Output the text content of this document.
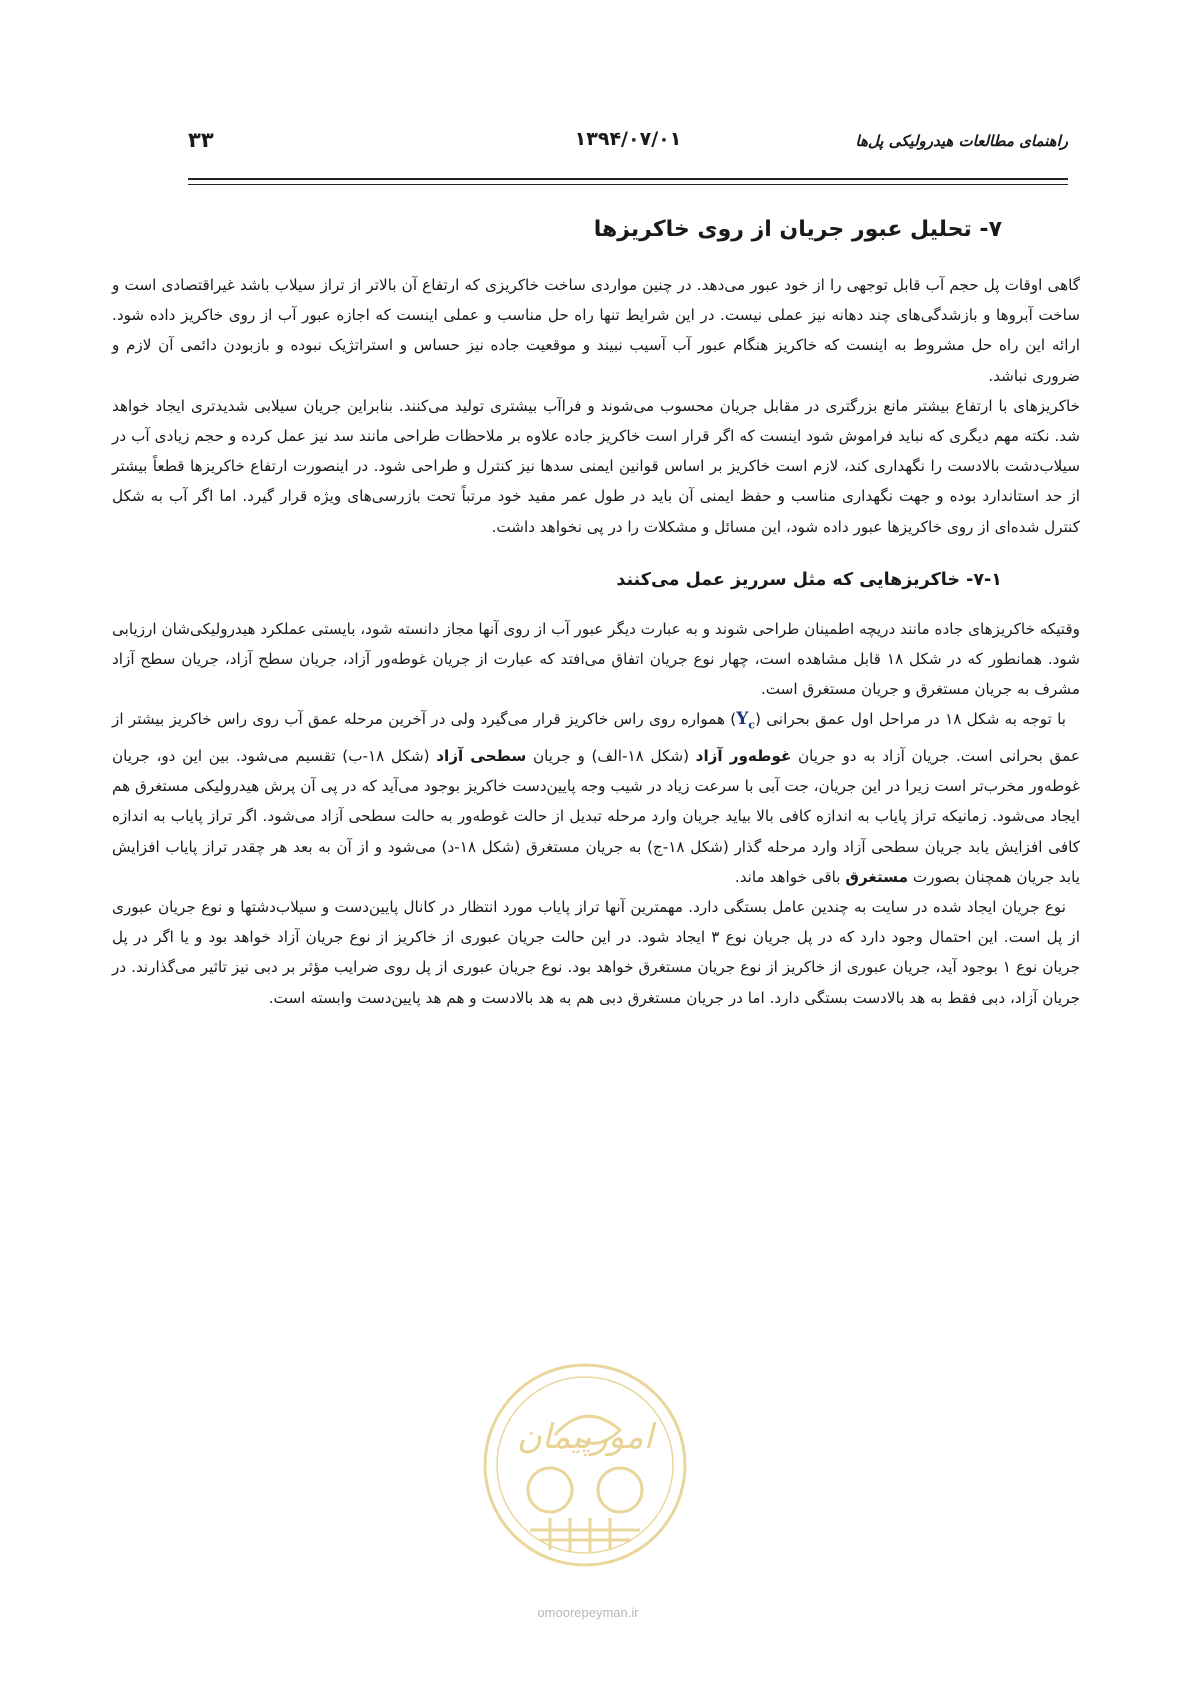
راهنمای مطالعات هیدرولیکی پل‌ها
۱۳۹۴/۰۷/۰۱
۳۳
۷- تحلیل عبور جریان از روی خاکریزها

گاهی اوقات پل حجم آب قابل توجهی را از خود عبور می‌دهد. در چنین مواردی ساخت خاکریزی که ارتفاع آن بالاتر از تراز سیلاب باشد غیراقتصادی است و ساخت آبروها و بازشدگی‌های چند دهانه نیز عملی نیست. در این شرایط تنها راه حل مناسب و عملی اینست که اجازه عبور آب از روی خاکریز داده شود. ارائه این راه حل مشروط به اینست که خاکریز هنگام عبور آب آسیب نبیند و موقعیت جاده نیز حساس و استراتژیک نبوده و بازبودن دائمی آن لازم و ضروری نباشد.

خاکریزهای با ارتفاع بیشتر مانع بزرگتری در مقابل جریان محسوب می‌شوند و فراآب بیشتری تولید می‌کنند. بنابراین جریان سیلابی شدیدتری ایجاد خواهد شد. نکته مهم دیگری که نباید فراموش شود اینست که اگر قرار است خاکریز جاده علاوه بر ملاحظات طراحی مانند سد نیز عمل کرده و حجم زیادی آب در سیلاب‌دشت بالادست را نگهداری کند، لازم است خاکریز بر اساس قوانین ایمنی سدها نیز کنترل و طراحی شود. در اینصورت ارتفاع خاکریزها قطعاً بیشتر از حد استاندارد بوده و جهت نگهداری مناسب و حفظ ایمنی آن باید در طول عمر مفید خود مرتباً تحت بازرسی‌های ویژه قرار گیرد. اما اگر آب به شکل کنترل شده‌ای از روی خاکریزها عبور داده شود، این مسائل و مشکلات را در پی نخواهد داشت.

۷-۱- خاکریزهایی که مثل سرریز عمل می‌کنند

وقتیکه خاکریزهای جاده مانند دریچه اطمینان طراحی شوند و به عبارت دیگر عبور آب از روی آنها مجاز دانسته شود، بایستی عملکرد هیدرولیکی‌شان ارزیابی شود. همانطور که در شکل ۱۸ قابل مشاهده است، چهار نوع جریان اتفاق می‌افتد که عبارت از جریان غوطه‌ور آزاد، جریان سطح آزاد، جریان سطح آزاد مشرف به جریان مستغرق و جریان مستغرق است.

با توجه به شکل ۱۸ در مراحل اول عمق بحرانی $(Y_c)$ همواره روی راس خاکریز قرار می‌گیرد ولی در آخرین مرحله عمق آب روی راس خاکریز بیشتر از عمق بحرانی است. جریان آزاد به دو جریان غوطه‌ور آزاد (شکل ۱۸-الف) و جریان سطحی آزاد (شکل ۱۸-ب) تقسیم می‌شود. بین این دو، جریان غوطه‌ور مخرب‌تر است زیرا در این جریان، جت آبی با سرعت زیاد در شیب وجه پایین‌دست خاکریز بوجود می‌آید که در پی آن پرش هیدرولیکی مستغرق هم ایجاد می‌شود. زمانیکه تراز پایاب به اندازه کافی بالا بیاید جریان وارد مرحله تبدیل از حالت غوطه‌ور به حالت سطحی آزاد می‌شود. اگر تراز پایاب به اندازه کافی افزایش یابد جریان سطحی آزاد وارد مرحله گذار (شکل ۱۸-ج) به جریان مستغرق (شکل ۱۸-د) می‌شود و از آن به بعد هر چقدر تراز پایاب افزایش یابد جریان همچنان بصورت مستغرق باقی خواهد ماند.

نوع جریان ایجاد شده در سایت به چندین عامل بستگی دارد. مهمترین آنها تراز پایاب مورد انتظار در کانال پایین‌دست و سیلاب‌دشتها و نوع جریان عبوری از پل است. این احتمال وجود دارد که در پل جریان نوع ۳ ایجاد شود. در این حالت جریان عبوری از خاکریز از نوع جریان آزاد خواهد بود و یا اگر در پل جریان نوع ۱ بوجود آید، جریان عبوری از خاکریز از نوع جریان مستغرق خواهد بود. نوع جریان عبوری از پل روی ضرایب مؤثر بر دبی نیز تاثیر می‌گذارند. در جریان آزاد، دبی فقط به هد بالادست بستگی دارد. اما در جریان مستغرق دبی هم به هد بالادست و هم هد پایین‌دست وابسته است.

امورپیمان
omoorepeyman.ir
